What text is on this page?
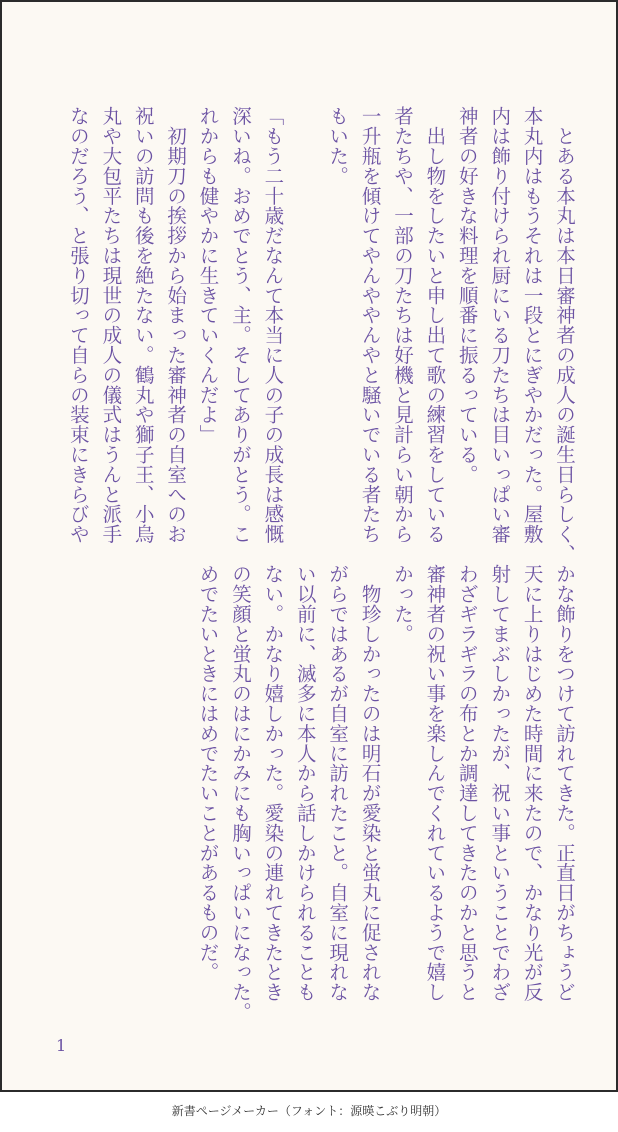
　とある本丸は本日審神者の成人の誕生日らしく、
本丸内はもうそれは一段とにぎやかだった。屋敷
内は飾り付けられ厨にいる刀たちは目いっぱい審
神者の好きな料理を順番に振るっている。
　出し物をしたいと申し出て歌の練習をしている
者たちや、一部の刀たちは好機と見計らい朝から
一升瓶を傾けてやんややんやと騒いでいる者たち
もいた。
「もう二十歳だなんて本当に人の子の成長は感慨
深いね。おめでとう、主。そしてありがとう。こ
れからも健やかに生きていくんだよ」
　初期刀の挨拶から始まった審神者の自室へのお
祝いの訪問も後を絶たない。鶴丸や獅子王、小烏
丸や大包平たちは現世の成人の儀式はうんと派手
なのだろう、と張り切って自らの装束にきらびや
かな飾りをつけて訪れてきた。正直日がちょうど
天に上りはじめた時間に来たので、かなり光が反
射してまぶしかったが、祝い事ということでわざ
わざギラギラの布とか調達してきたのかと思うと
審神者の祝い事を楽しんでくれているようで嬉し
かった。
　物珍しかったのは明石が愛染と蛍丸に促されな
がらではあるが自室に訪れたこと。自室に現れな
い以前に、滅多に本人から話しかけられることも
ない。かなり嬉しかった。愛染の連れてきたとき
の笑顔と蛍丸のはにかみにも胸いっぱいになった。
めでたいときにはめでたいことがあるものだ。
1
新書ページメーカー（フォント：源暎こぶり明朝）
